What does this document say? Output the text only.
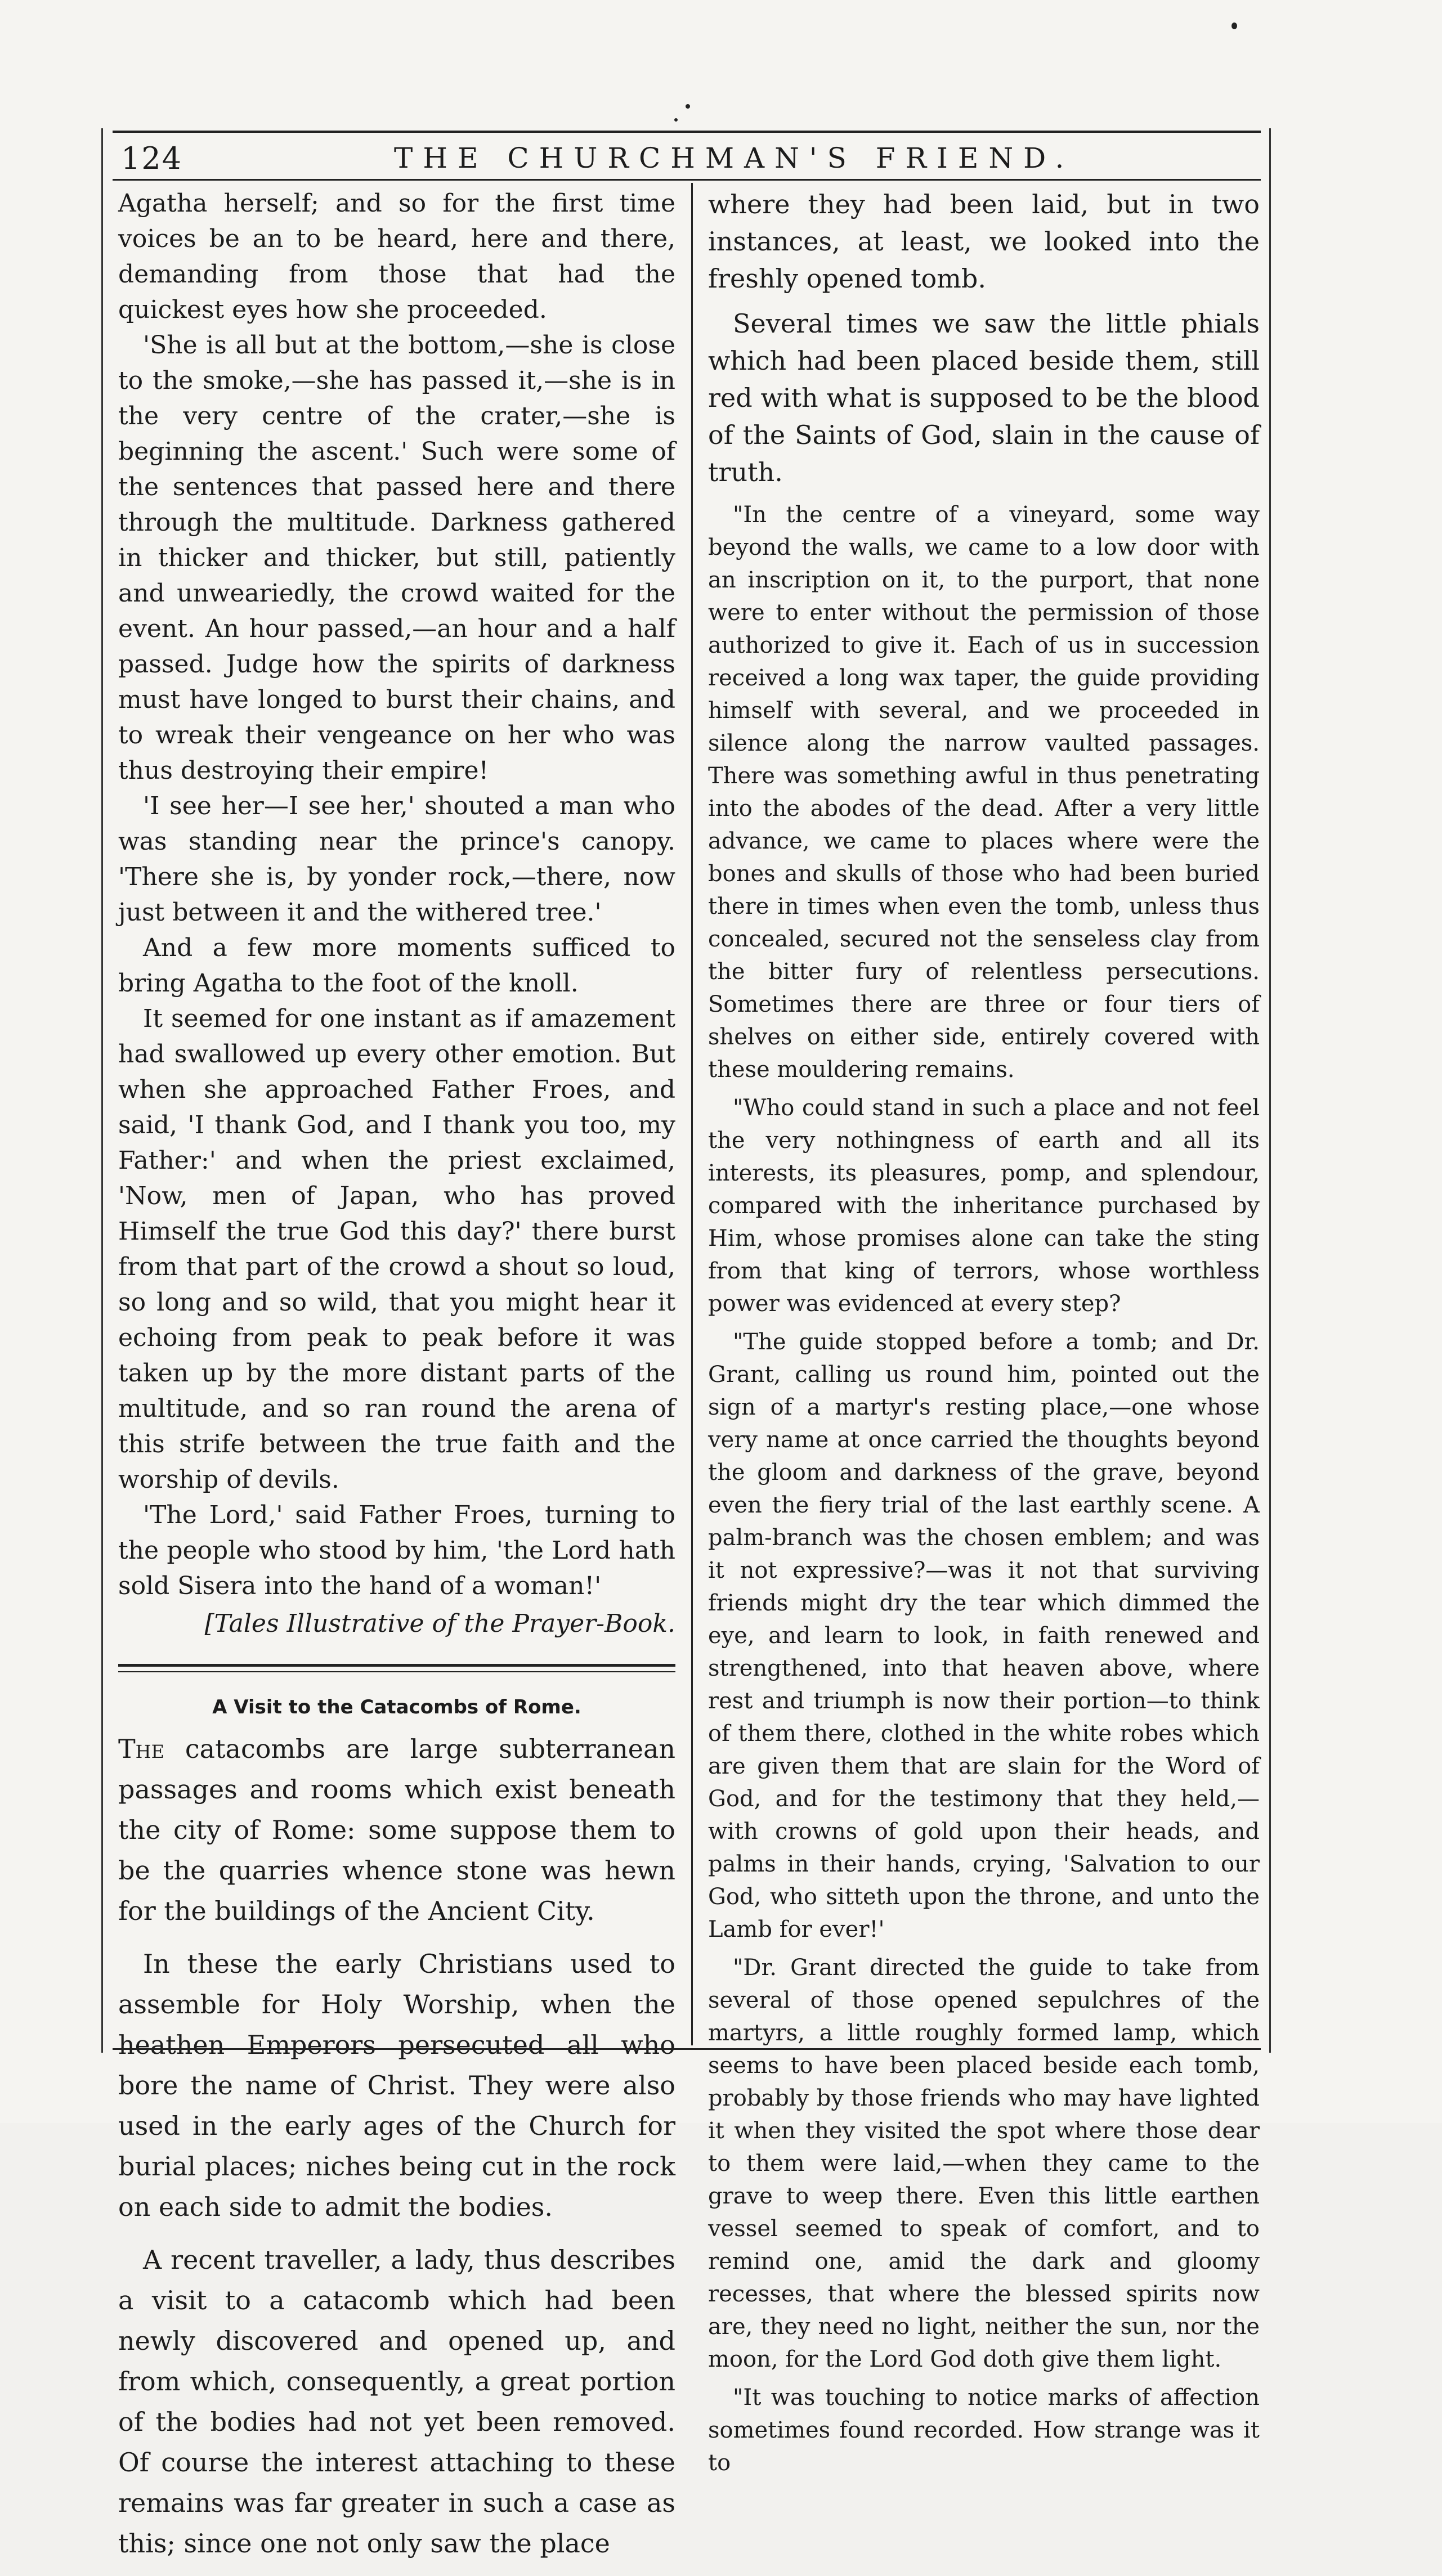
124	THE CHURCHMAN'S FRIEND.

Agatha herself; and so for the first time voices be an to be heard, here and there, demanding from those that had the quickest eyes how she proceeded.

'She is all but at the bottom,—she is close to the smoke,—she has passed it,—she is in the very centre of the crater,—she is beginning the ascent.' Such were some of the sentences that passed here and there through the multitude. Darkness gathered in thicker and thicker, but still, patiently and unweariedly, the crowd waited for the event. An hour passed,—an hour and a half passed. Judge how the spirits of darkness must have longed to burst their chains, and to wreak their vengeance on her who was thus destroying their empire!

'I see her—I see her,' shouted a man who was standing near the prince's canopy. 'There she is, by yonder rock,—there, now just between it and the withered tree.'

And a few more moments sufficed to bring Agatha to the foot of the knoll.

It seemed for one instant as if amazement had swallowed up every other emotion. But when she approached Father Froes, and said, 'I thank God, and I thank you too, my Father:' and when the priest exclaimed, 'Now, men of Japan, who has proved Himself the true God this day?' there burst from that part of the crowd a shout so loud, so long and so wild, that you might hear it echoing from peak to peak before it was taken up by the more distant parts of the multitude, and so ran round the arena of this strife between the true faith and the worship of devils.

'The Lord,' said Father Froes, turning to the people who stood by him, 'the Lord hath sold Sisera into the hand of a woman!'

[Tales Illustrative of the Prayer-Book.

A Visit to the Catacombs of Rome.

The catacombs are large subterranean passages and rooms which exist beneath the city of Rome: some suppose them to be the quarries whence stone was hewn for the buildings of the Ancient City.

In these the early Christians used to assemble for Holy Worship, when the heathen Emperors persecuted all who bore the name of Christ. They were also used in the early ages of the Church for burial places; niches being cut in the rock on each side to admit the bodies.

A recent traveller, a lady, thus describes a visit to a catacomb which had been newly discovered and opened up, and from which, consequently, a great portion of the bodies had not yet been removed. Of course the interest attaching to these remains was far greater in such a case as this; since one not only saw the place

where they had been laid, but in two instances, at least, we looked into the freshly opened tomb.

Several times we saw the little phials which had been placed beside them, still red with what is supposed to be the blood of the Saints of God, slain in the cause of truth.

"In the centre of a vineyard, some way beyond the walls, we came to a low door with an inscription on it, to the purport, that none were to enter without the permission of those authorized to give it. Each of us in succession received a long wax taper, the guide providing himself with several, and we proceeded in silence along the narrow vaulted passages. There was something awful in thus penetrating into the abodes of the dead. After a very little advance, we came to places where were the bones and skulls of those who had been buried there in times when even the tomb, unless thus concealed, secured not the senseless clay from the bitter fury of relentless persecutions. Sometimes there are three or four tiers of shelves on either side, entirely covered with these mouldering remains.

"Who could stand in such a place and not feel the very nothingness of earth and all its interests, its pleasures, pomp, and splendour, compared with the inheritance purchased by Him, whose promises alone can take the sting from that king of terrors, whose worthless power was evidenced at every step?

"The guide stopped before a tomb; and Dr. Grant, calling us round him, pointed out the sign of a martyr's resting place,—one whose very name at once carried the thoughts beyond the gloom and darkness of the grave, beyond even the fiery trial of the last earthly scene. A palm-branch was the chosen emblem; and was it not expressive?—was it not that surviving friends might dry the tear which dimmed the eye, and learn to look, in faith renewed and strengthened, into that heaven above, where rest and triumph is now their portion—to think of them there, clothed in the white robes which are given them that are slain for the Word of God, and for the testimony that they held,—with crowns of gold upon their heads, and palms in their hands, crying, 'Salvation to our God, who sitteth upon the throne, and unto the Lamb for ever!'

"Dr. Grant directed the guide to take from several of those opened sepulchres of the martyrs, a little roughly formed lamp, which seems to have been placed beside each tomb, probably by those friends who may have lighted it when they visited the spot where those dear to them were laid,—when they came to the grave to weep there. Even this little earthen vessel seemed to speak of comfort, and to remind one, amid the dark and gloomy recesses, that where the blessed spirits now are, they need no light, neither the sun, nor the moon, for the Lord God doth give them light.

"It was touching to notice marks of affection sometimes found recorded. How strange was it to
